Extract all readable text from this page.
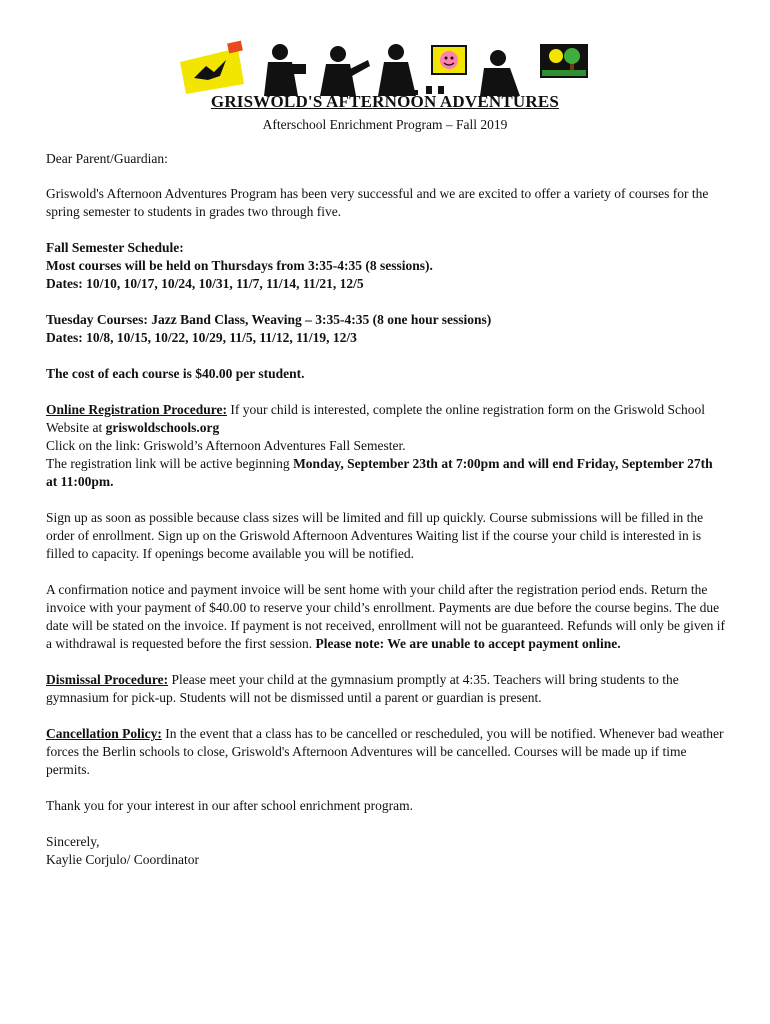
GRISWOLD'S AFTERNOON ADVENTURES
Afterschool Enrichment Program – Fall 2019

Dear Parent/Guardian:

Griswold's Afternoon Adventures Program has been very successful and we are excited to offer a variety of courses for the spring semester to students in grades two through five.

Fall Semester Schedule:

Most courses will be held on Thursdays from 3:35-4:35 (8 sessions).

Dates: 10/10, 10/17, 10/24, 10/31, 11/7, 11/14, 11/21, 12/5

Tuesday Courses: Jazz Band Class, Weaving – 3:35-4:35 (8 one hour sessions)

Dates: 10/8, 10/15, 10/22, 10/29, 11/5, 11/12, 11/19, 12/3

The cost of each course is $40.00 per student.

Online Registration Procedure: If your child is interested, complete the online registration form on the Griswold School Website at griswoldschools.org

Click on the link: Griswold’s Afternoon Adventures Fall Semester.

The registration link will be active beginning Monday, September 23th at 7:00pm and will end Friday, September 27th at 11:00pm.

Sign up as soon as possible because class sizes will be limited and fill up quickly. Course submissions will be filled in the order of enrollment. Sign up on the Griswold Afternoon Adventures Waiting list if the course your child is interested in is filled to capacity. If openings become available you will be notified.

A confirmation notice and payment invoice will be sent home with your child after the registration period ends. Return the invoice with your payment of $40.00 to reserve your child’s enrollment. Payments are due before the course begins. The due date will be stated on the invoice. If payment is not received, enrollment will not be guaranteed. Refunds will only be given if a withdrawal is requested before the first session. Please note: We are unable to accept payment online.

Dismissal Procedure: Please meet your child at the gymnasium promptly at 4:35. Teachers will bring students to the gymnasium for pick-up. Students will not be dismissed until a parent or guardian is present.

Cancellation Policy: In the event that a class has to be cancelled or rescheduled, you will be notified. Whenever bad weather forces the Berlin schools to close, Griswold's Afternoon Adventures will be cancelled. Courses will be made up if time permits.

Thank you for your interest in our after school enrichment program.

Sincerely,

Kaylie Corjulo/ Coordinator
